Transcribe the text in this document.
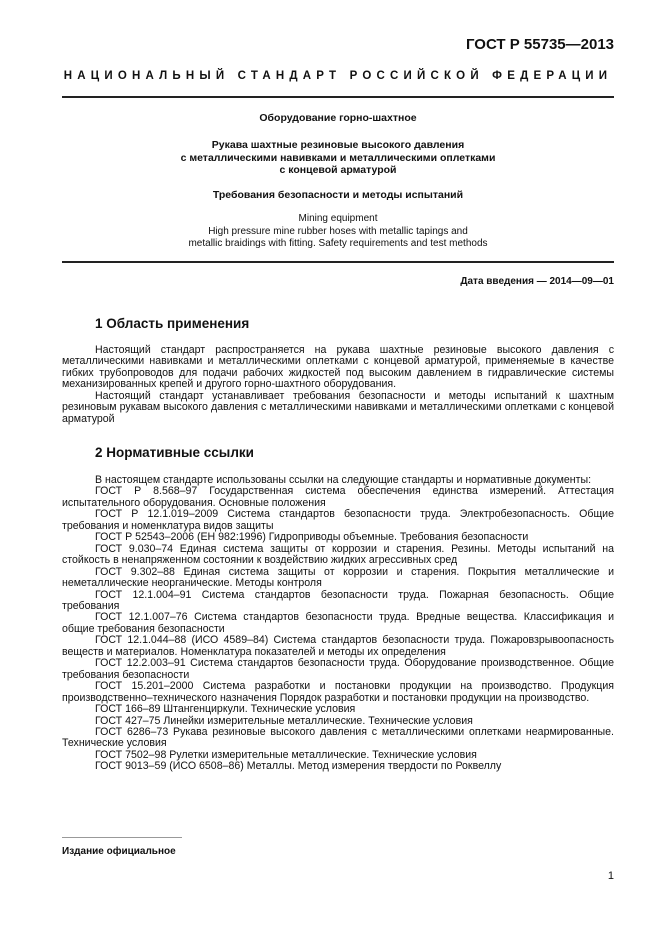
ГОСТ Р 55735—2013
НАЦИОНАЛЬНЫЙ СТАНДАРТ РОССИЙСКОЙ ФЕДЕРАЦИИ
Оборудование горно-шахтное
Рукава шахтные резиновые высокого давления
с металлическими навивками и металлическими оплетками
с концевой арматурой
Требования безопасности и методы испытаний
Mining equipment
High pressure mine rubber hoses with metallic tapings and
metallic braidings with fitting. Safety requirements and test methods
Дата введения — 2014—09—01
1 Область применения

Настоящий стандарт распространяется на рукава шахтные резиновые высокого давления с металлическими навивками и металлическими оплетками с концевой арматурой, применяемые в качестве гибких трубопроводов для подачи рабочих жидкостей под высоким давлением в гидравлические системы механизированных крепей и другого горно-шахтного оборудования.

Настоящий стандарт устанавливает требования безопасности и методы испытаний к шахтным резиновым рукавам высокого давления с металлическими навивками и металлическими оплетками с концевой арматурой

2 Нормативные ссылки

В настоящем стандарте использованы ссылки на следующие стандарты и нормативные документы:

ГОСТ Р 8.568–97 Государственная система обеспечения единства измерений. Аттестация испытательного оборудования. Основные положения

ГОСТ Р 12.1.019–2009 Система стандартов безопасности труда. Электробезопасность. Общие требования и номенклатура видов защиты

ГОСТ Р 52543–2006 (ЕН 982:1996) Гидроприводы объемные. Требования безопасности

ГОСТ 9.030–74 Единая система защиты от коррозии и старения. Резины. Методы испытаний на стойкость в ненапряженном состоянии к воздействию жидких агрессивных сред

ГОСТ 9.302–88 Единая система защиты от коррозии и старения. Покрытия металлические и неметаллические неорганические. Методы контроля

ГОСТ 12.1.004–91 Система стандартов безопасности труда. Пожарная безопасность. Общие требования

ГОСТ 12.1.007–76 Система стандартов безопасности труда. Вредные вещества. Классификация и общие требования безопасности

ГОСТ 12.1.044–88 (ИСО 4589–84) Система стандартов безопасности труда. Пожаровзрывоопасность веществ и материалов. Номенклатура показателей и методы их определения

ГОСТ 12.2.003–91 Система стандартов безопасности труда. Оборудование производственное. Общие требования безопасности

ГОСТ 15.201–2000 Система разработки и постановки продукции на производство. Продукция производственно–технического назначения Порядок разработки и постановки продукции на производство.

ГОСТ 166–89 Штангенциркули. Технические условия

ГОСТ 427–75 Линейки измерительные металлические. Технические условия

ГОСТ 6286–73 Рукава резиновые высокого давления с металлическими оплетками неармированные. Технические условия

ГОСТ 7502–98 Рулетки измерительные металлические. Технические условия

ГОСТ 9013–59 (ИСО 6508–86) Металлы. Метод измерения твердости по Роквеллу

Издание официальное
1
